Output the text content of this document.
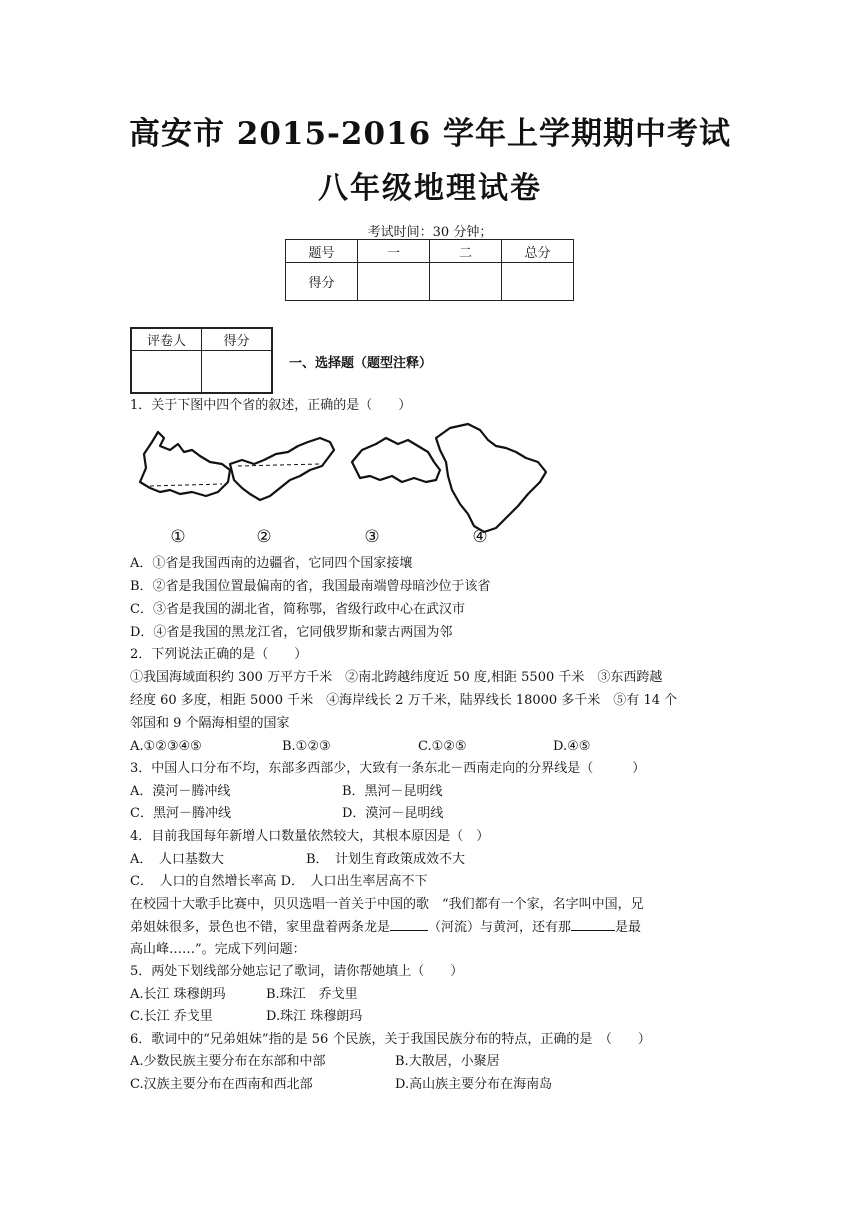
高安市 2015-2016 学年上学期期中考试
八年级地理试卷
考试时间：30 分钟；
题号	一	二	总分
得分			
评卷人	得分

一、选择题（题型注释）
1．关于下图中四个省的叙述，正确的是（　　）
①	②	③	④
A．①省是我国西南的边疆省，它同四个国家接壤
B．②省是我国位置最偏南的省，我国最南端曾母暗沙位于该省
C．③省是我国的湖北省，简称鄂，省级行政中心在武汉市
D．④省是我国的黑龙江省，它同俄罗斯和蒙古两国为邻
2．下列说法正确的是（　　）
①我国海域面积约 300 万平方千米　②南北跨越纬度近 50 度,相距 5500 千米　③东西跨越
经度 60 多度，相距 5000 千米　④海岸线长 2 万千米，陆界线长 18000 多千米　⑤有 14 个
邻国和 9 个隔海相望的国家
A.①②③④⑤	B.①②③	C.①②⑤	D.④⑤
3．中国人口分布不均，东部多西部少，大致有一条东北－西南走向的分界线是（　　　）
A．漠河－腾冲线	B．黑河－昆明线
C．黑河－腾冲线	D．漠河－昆明线
4．目前我国每年新增人口数量依然较大，其根本原因是（　）
A．　人口基数大	B．　计划生育政策成效不大
C．　人口的自然增长率高 D．　人口出生率居高不下
在校园十大歌手比赛中，贝贝选唱一首关于中国的歌　“我们都有一个家，名字叫中国，兄
弟姐妹很多，景色也不错，家里盘着两条龙是	（河流）与黄河，还有那	是最
高山峰……”。完成下列问题：
5．两处下划线部分她忘记了歌词，请你帮她填上（　　）
A.长江 珠穆朗玛	B.珠江　乔戈里
C.长江 乔戈里	D.珠江 珠穆朗玛
6．歌词中的“兄弟姐妹”指的是 56 个民族，关于我国民族分布的特点，正确的是　（　　）
A.少数民族主要分布在东部和中部	B.大散居，小聚居
C.汉族主要分布在西南和西北部	D.高山族主要分布在海南岛
